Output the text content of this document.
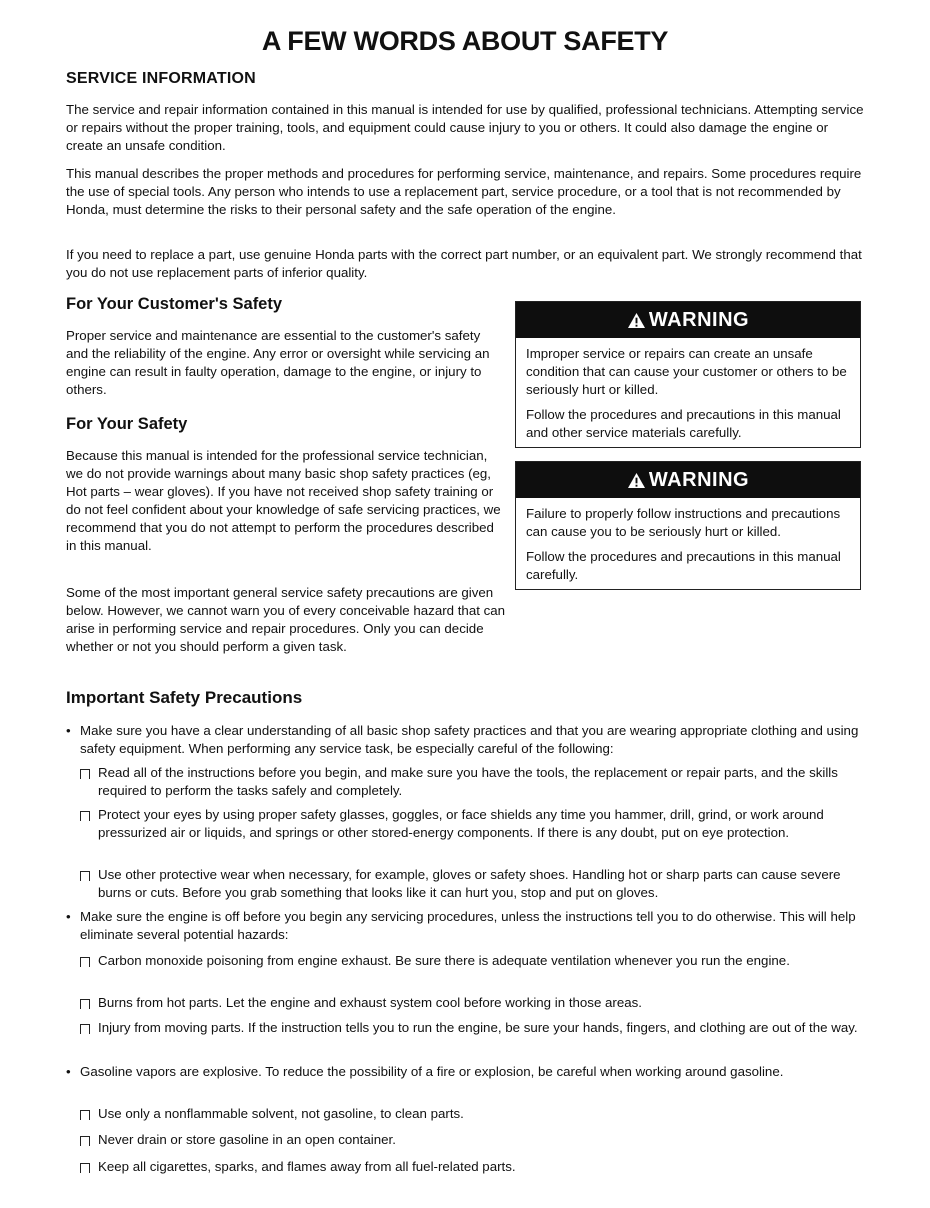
A FEW WORDS ABOUT SAFETY
SERVICE INFORMATION

The service and repair information contained in this manual is intended for use by qualified, professional technicians. Attempting service or repairs without the proper training, tools, and equipment could cause injury to you or others. It could also damage the engine or create an unsafe condition.

This manual describes the proper methods and procedures for performing service, maintenance, and repairs. Some procedures require the use of special tools. Any person who intends to use a replacement part, service procedure, or a tool that is not recommended by Honda, must determine the risks to their personal safety and the safe operation of the engine.

If you need to replace a part, use genuine Honda parts with the correct part number, or an equivalent part. We strongly recommend that you do not use replacement parts of inferior quality.

For Your Customer's Safety

Proper service and maintenance are essential to the customer's safety and the reliability of the engine. Any error or oversight while servicing an engine can result in faulty operation, damage to the engine, or injury to others.

For Your Safety

Because this manual is intended for the professional service technician, we do not provide warnings about many basic shop safety practices (eg, Hot parts – wear gloves). If you have not received shop safety training or do not feel confident about your knowledge of safe servicing practices, we recommend that you do not attempt to perform the procedures described in this manual.

Some of the most important general service safety precautions are given below. However, we cannot warn you of every conceivable hazard that can arise in performing service and repair procedures. Only you can decide whether or not you should perform a given task.

WARNING

Improper service or repairs can create an unsafe condition that can cause your customer or others to be seriously hurt or killed.

Follow the procedures and precautions in this manual and other service materials carefully.

WARNING

Failure to properly follow instructions and precautions can cause you to be seriously hurt or killed.

Follow the procedures and precautions in this manual carefully.

Important Safety Precautions
• Make sure you have a clear understanding of all basic shop safety practices and that you are wearing appropriate clothing and using safety equipment. When performing any service task, be especially careful of the following:
Read all of the instructions before you begin, and make sure you have the tools, the replacement or repair parts, and the skills required to perform the tasks safely and completely.
Protect your eyes by using proper safety glasses, goggles, or face shields any time you hammer, drill, grind, or work around pressurized air or liquids, and springs or other stored-energy components. If there is any doubt, put on eye protection.
Use other protective wear when necessary, for example, gloves or safety shoes. Handling hot or sharp parts can cause severe burns or cuts. Before you grab something that looks like it can hurt you, stop and put on gloves.
• Make sure the engine is off before you begin any servicing procedures, unless the instructions tell you to do otherwise. This will help eliminate several potential hazards:
Carbon monoxide poisoning from engine exhaust. Be sure there is adequate ventilation whenever you run the engine.
Burns from hot parts. Let the engine and exhaust system cool before working in those areas.
Injury from moving parts. If the instruction tells you to run the engine, be sure your hands, fingers, and clothing are out of the way.
• Gasoline vapors are explosive. To reduce the possibility of a fire or explosion, be careful when working around gasoline.
Use only a nonflammable solvent, not gasoline, to clean parts.
Never drain or store gasoline in an open container.
Keep all cigarettes, sparks, and flames away from all fuel-related parts.
